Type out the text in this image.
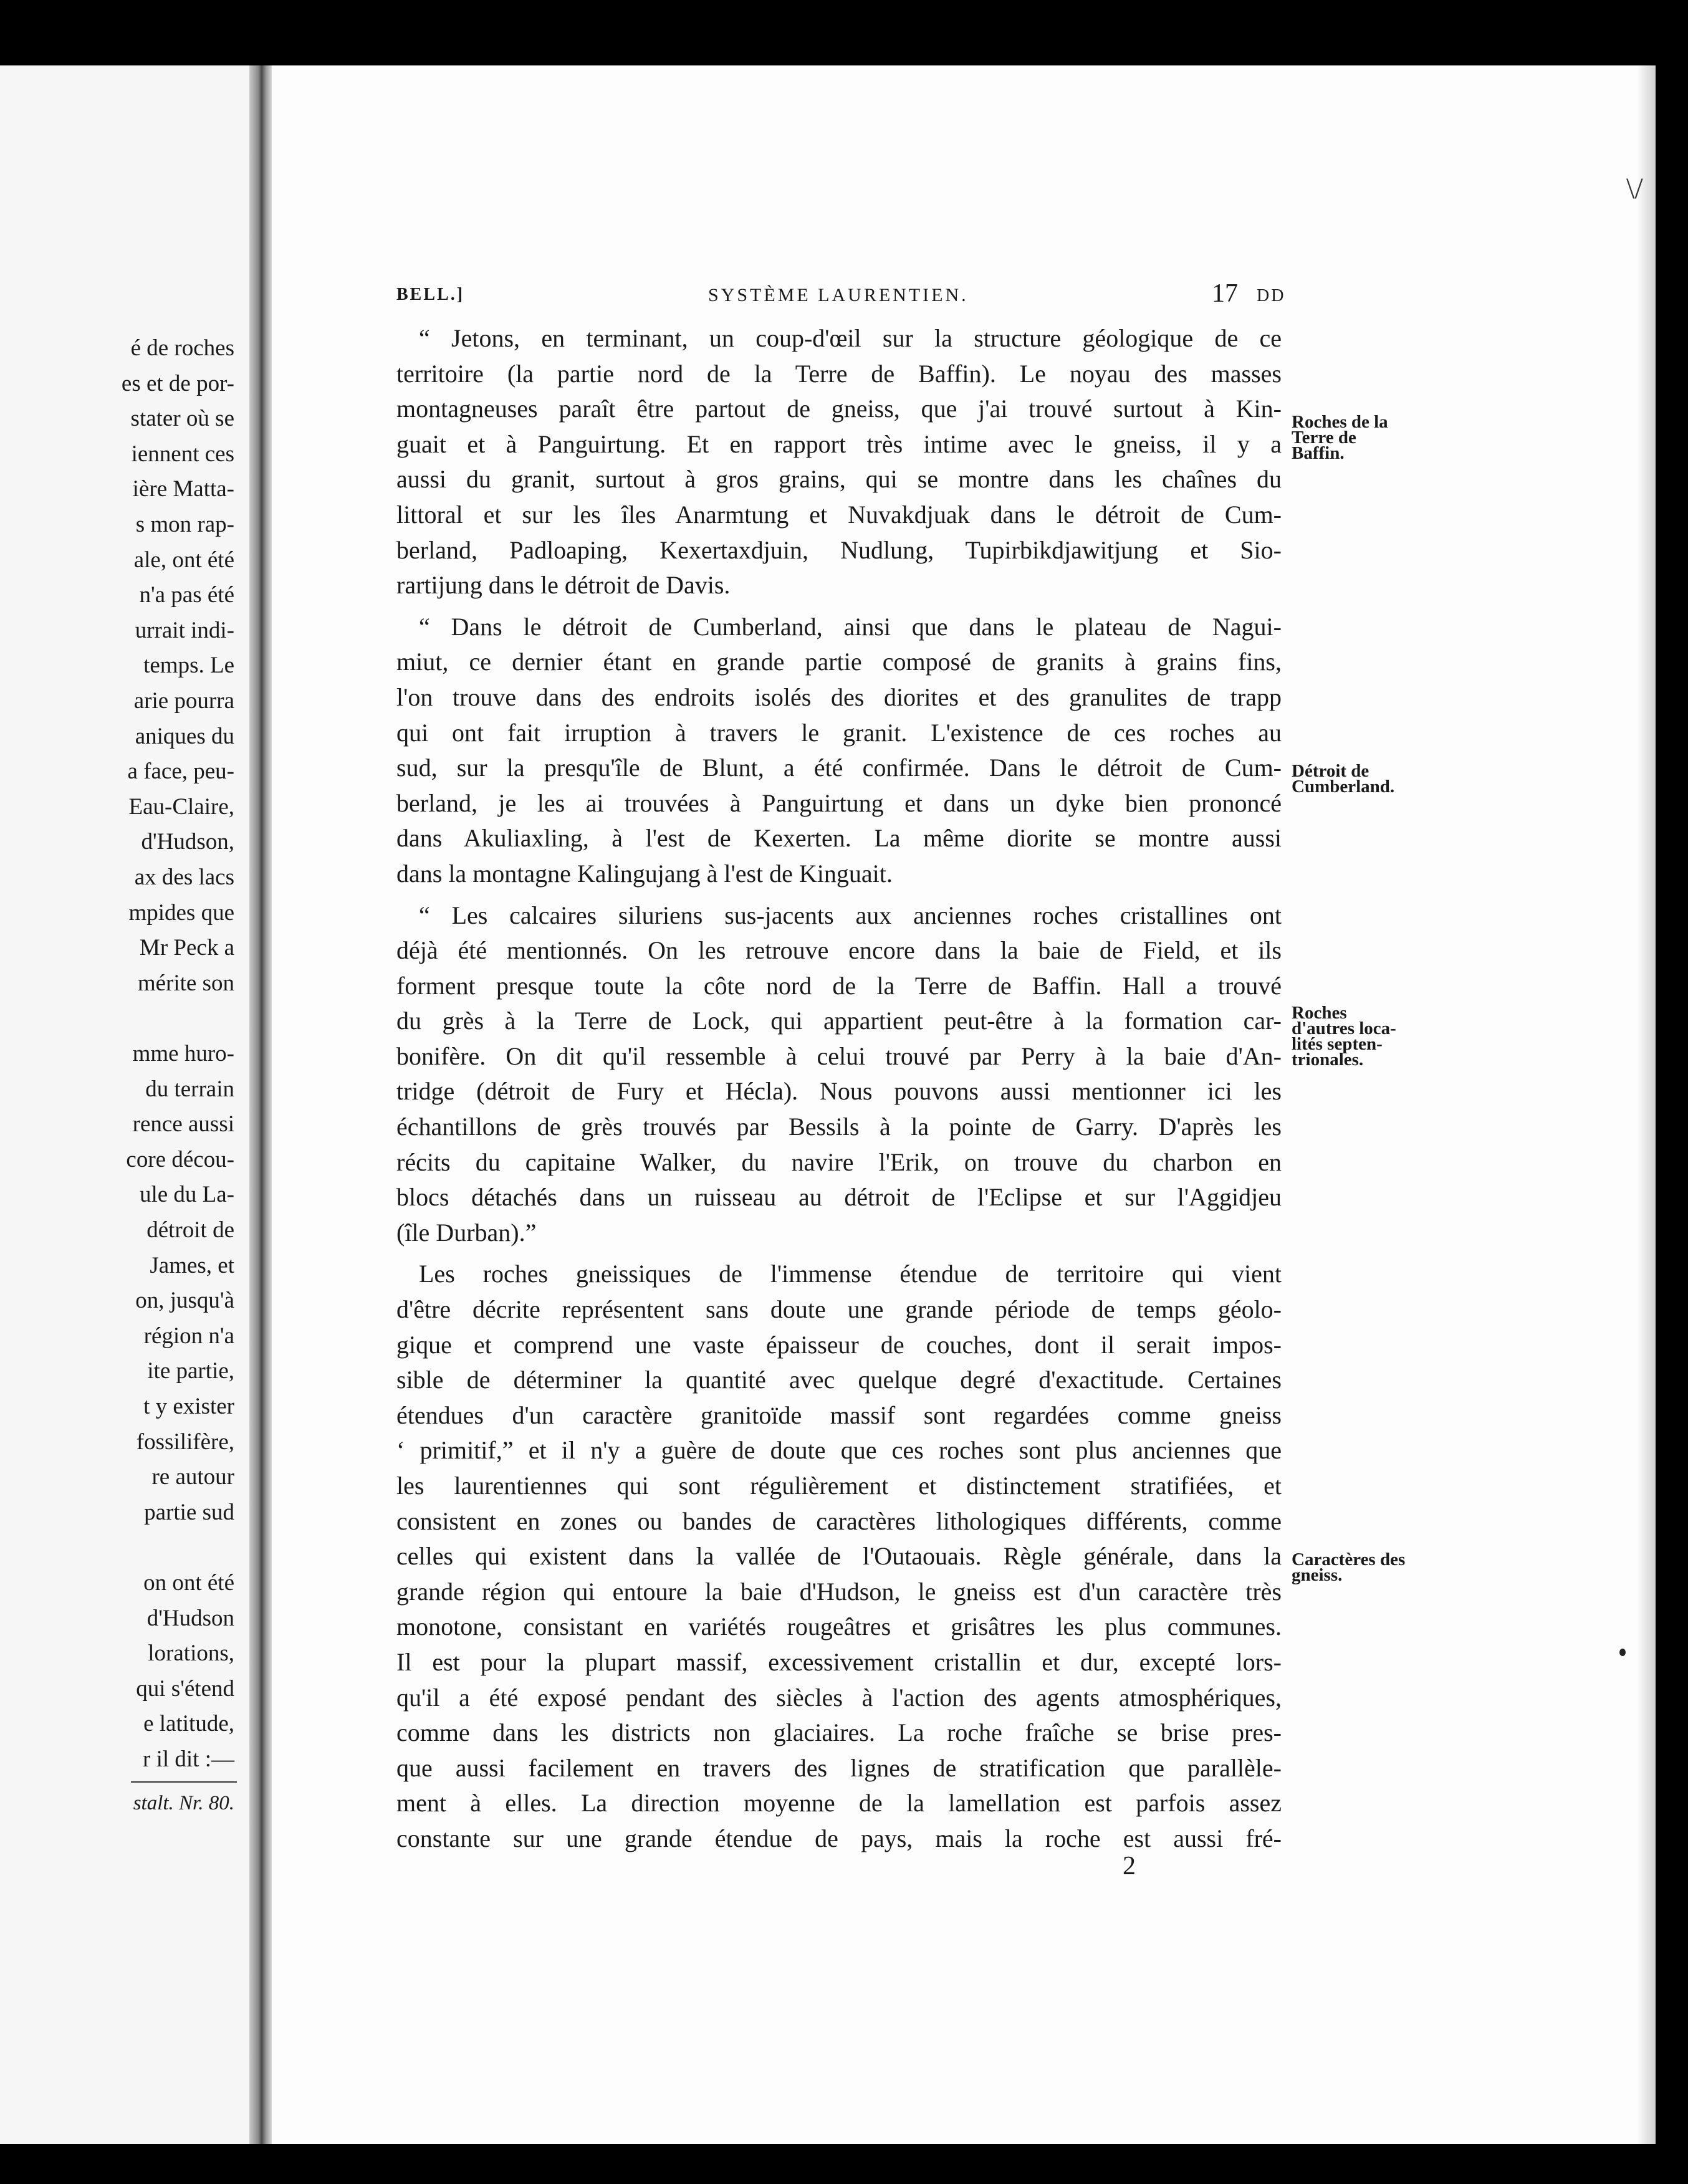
é de roches
es et de por-
stater où se
iennent ces
ière Matta-
s mon rap-
ale, ont été
n'a pas été
urrait indi-
temps. Le
arie pourra
aniques du
a face, peu-
Eau-Claire,
d'Hudson,
ax des lacs
mpides que
Mr Peck a
mérite son
mme huro-
du terrain
rence aussi
core décou-
ule du La-
détroit de
James, et
on, jusqu'à
région n'a
ite partie,
t y exister
fossilifère,
re autour
partie sud
on ont été
d'Hudson
lorations,
qui s'étend
e latitude,
r il dit :—
stalt. Nr. 80.
BELL.]	SYSTÈME LAURENTIEN.	17 DD
“ Jetons, en terminant, un coup-d'œil sur la structure géologique de ce
territoire (la partie nord de la Terre de Baffin). Le noyau des masses
montagneuses paraît être partout de gneiss, que j'ai trouvé surtout à Kin-
guait et à Panguirtung. Et en rapport très intime avec le gneiss, il y a
aussi du granit, surtout à gros grains, qui se montre dans les chaînes du
littoral et sur les îles Anarmtung et Nuvakdjuak dans le détroit de Cum-
berland, Padloaping, Kexertaxdjuin, Nudlung, Tupirbikdjawitjung et Sio-
rartijung dans le détroit de Davis.
“ Dans le détroit de Cumberland, ainsi que dans le plateau de Nagui-
miut, ce dernier étant en grande partie composé de granits à grains fins,
l'on trouve dans des endroits isolés des diorites et des granulites de trapp
qui ont fait irruption à travers le granit. L'existence de ces roches au
sud, sur la presqu'île de Blunt, a été confirmée. Dans le détroit de Cum-
berland, je les ai trouvées à Panguirtung et dans un dyke bien prononcé
dans Akuliaxling, à l'est de Kexerten. La même diorite se montre aussi
dans la montagne Kalingujang à l'est de Kinguait.
“ Les calcaires siluriens sus-jacents aux anciennes roches cristallines ont
déjà été mentionnés. On les retrouve encore dans la baie de Field, et ils
forment presque toute la côte nord de la Terre de Baffin. Hall a trouvé
du grès à la Terre de Lock, qui appartient peut-être à la formation car-
bonifère. On dit qu'il ressemble à celui trouvé par Perry à la baie d'An-
tridge (détroit de Fury et Hécla). Nous pouvons aussi mentionner ici les
échantillons de grès trouvés par Bessils à la pointe de Garry. D'après les
récits du capitaine Walker, du navire l'Erik, on trouve du charbon en
blocs détachés dans un ruisseau au détroit de l'Eclipse et sur l'Aggidjeu
(île Durban).”
Les roches gneissiques de l'immense étendue de territoire qui vient
d'être décrite représentent sans doute une grande période de temps géolo-
gique et comprend une vaste épaisseur de couches, dont il serait impos-
sible de déterminer la quantité avec quelque degré d'exactitude. Certaines
étendues d'un caractère granitoïde massif sont regardées comme gneiss
‘ primitif,” et il n'y a guère de doute que ces roches sont plus anciennes que
les laurentiennes qui sont régulièrement et distinctement stratifiées, et
consistent en zones ou bandes de caractères lithologiques différents, comme
celles qui existent dans la vallée de l'Outaouais. Règle générale, dans la
grande région qui entoure la baie d'Hudson, le gneiss est d'un caractère très
monotone, consistant en variétés rougeâtres et grisâtres les plus communes.
Il est pour la plupart massif, excessivement cristallin et dur, excepté lors-
qu'il a été exposé pendant des siècles à l'action des agents atmosphériques,
comme dans les districts non glaciaires. La roche fraîche se brise pres-
que aussi facilement en travers des lignes de stratification que parallèle-
ment à elles. La direction moyenne de la lamellation est parfois assez
constante sur une grande étendue de pays, mais la roche est aussi fré-
Roches de la
Terre de
Baffin.
Détroit de
Cumberland.
Roches
d'autres loca-
lités septen-
trionales.
Caractères des
gneiss.
2
\/
